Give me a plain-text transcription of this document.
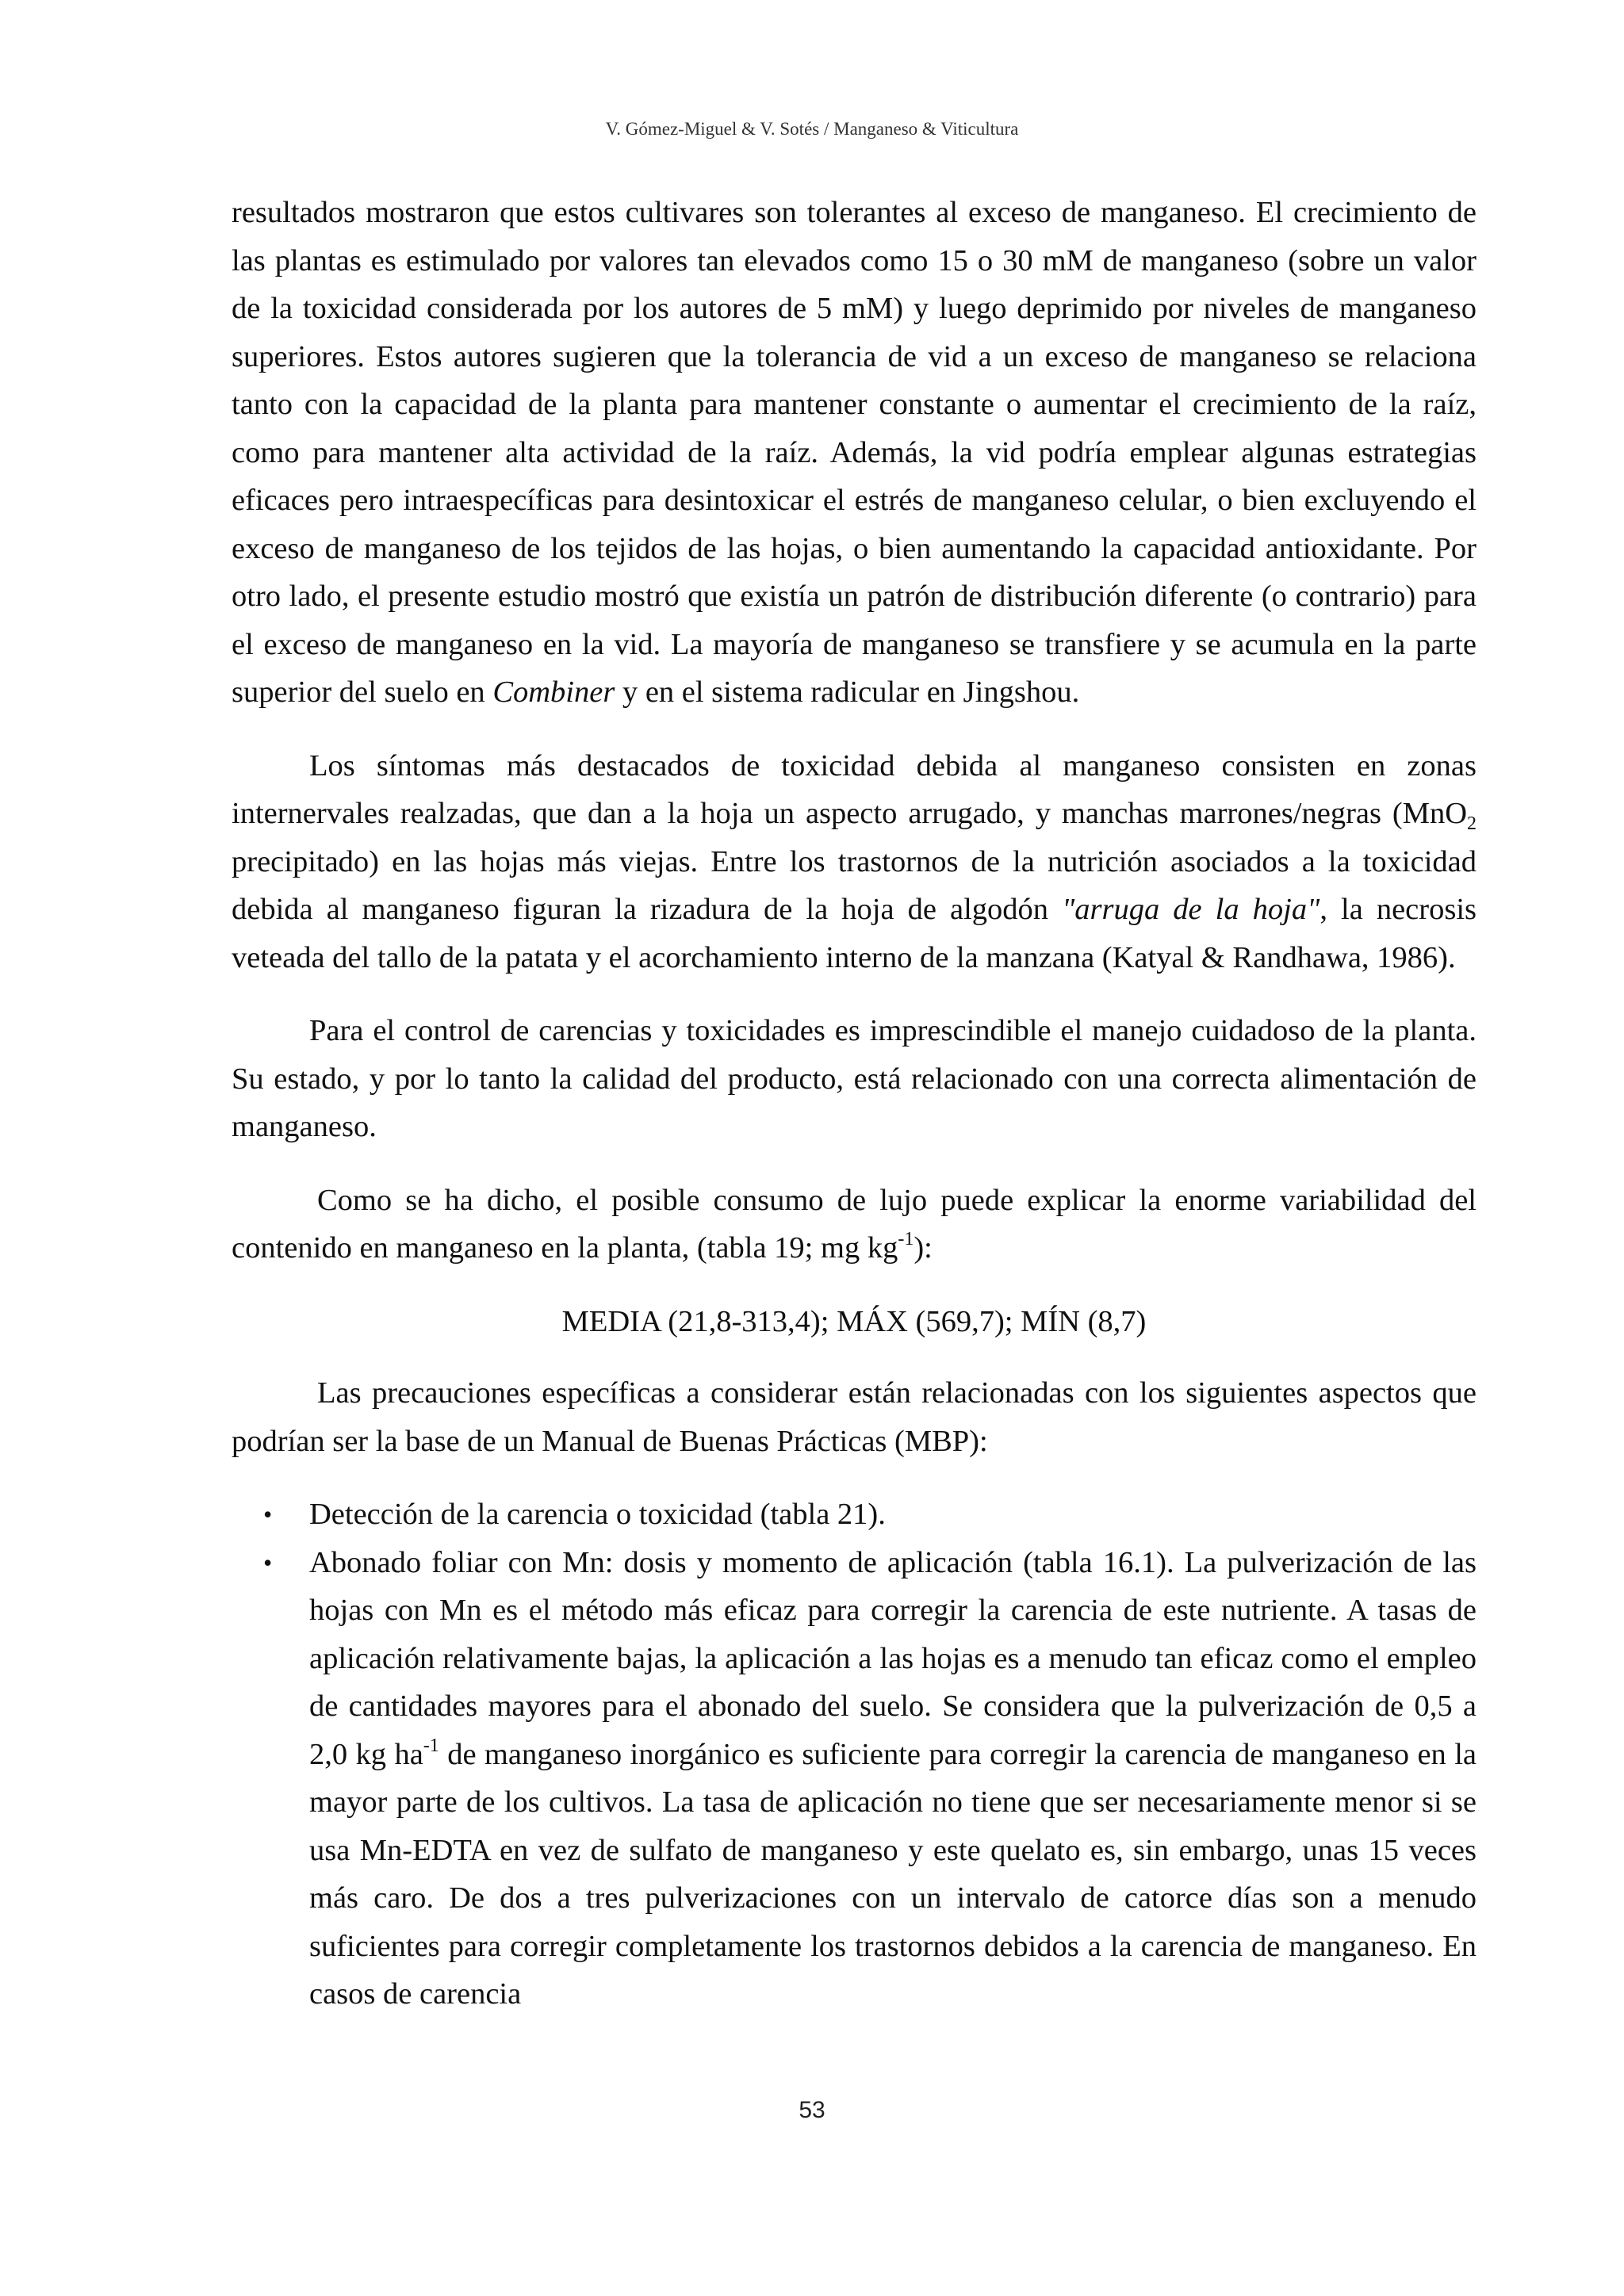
V. Gómez-Miguel & V. Sotés / Manganeso & Viticultura

resultados mostraron que estos cultivares son tolerantes al exceso de manganeso. El crecimiento de las plantas es estimulado por valores tan elevados como 15 o 30 mM de manganeso (sobre un valor de la toxicidad considerada por los autores de 5 mM) y luego deprimido por niveles de manganeso superiores. Estos autores sugieren que la tolerancia de vid a un exceso de manganeso se relaciona tanto con la capacidad de la planta para mantener constante o aumentar el crecimiento de la raíz, como para mantener alta actividad de la raíz. Además, la vid podría emplear algunas estrategias eficaces pero intraespecíficas para desintoxicar el estrés de manganeso celular, o bien excluyendo el exceso de manganeso de los tejidos de las hojas, o bien aumentando la capacidad antioxidante. Por otro lado, el presente estudio mostró que existía un patrón de distribución diferente (o contrario) para el exceso de manganeso en la vid. La mayoría de manganeso se transfiere y se acumula en la parte superior del suelo en Combiner y en el sistema radicular en Jingshou.

Los síntomas más destacados de toxicidad debida al manganeso consisten en zonas internervales realzadas, que dan a la hoja un aspecto arrugado, y manchas marrones/negras (MnO$_2$ precipitado) en las hojas más viejas. Entre los trastornos de la nutrición asociados a la toxicidad debida al manganeso figuran la rizadura de la hoja de algodón "arruga de la hoja", la necrosis veteada del tallo de la patata y el acorchamiento interno de la manzana (Katyal & Randhawa, 1986).

Para el control de carencias y toxicidades es imprescindible el manejo cuidadoso de la planta. Su estado, y por lo tanto la calidad del producto, está relacionado con una correcta alimentación de manganeso.

Como se ha dicho, el posible consumo de lujo puede explicar la enorme variabilidad del contenido en manganeso en la planta, (tabla 19; mg $kg^{-1}$):

MEDIA (21,8-313,4); MÁX (569,7); MÍN (8,7)

Las precauciones específicas a considerar están relacionadas con los siguientes aspectos que podrían ser la base de un Manual de Buenas Prácticas (MBP):

• Detección de la carencia o toxicidad (tabla 21).
• Abonado foliar con Mn: dosis y momento de aplicación (tabla 16.1). La pulverización de las hojas con Mn es el método más eficaz para corregir la carencia de este nutriente. A tasas de aplicación relativamente bajas, la aplicación a las hojas es a menudo tan eficaz como el empleo de cantidades mayores para el abonado del suelo. Se considera que la pulverización de 0,5 a 2,0 kg $ha^{-1}$ de manganeso inorgánico es suficiente para corregir la carencia de manganeso en la mayor parte de los cultivos. La tasa de aplicación no tiene que ser necesariamente menor si se usa Mn-EDTA en vez de sulfato de manganeso y este quelato es, sin embargo, unas 15 veces más caro. De dos a tres pulverizaciones con un intervalo de catorce días son a menudo suficientes para corregir completamente los trastornos debidos a la carencia de manganeso. En casos de carencia
53
